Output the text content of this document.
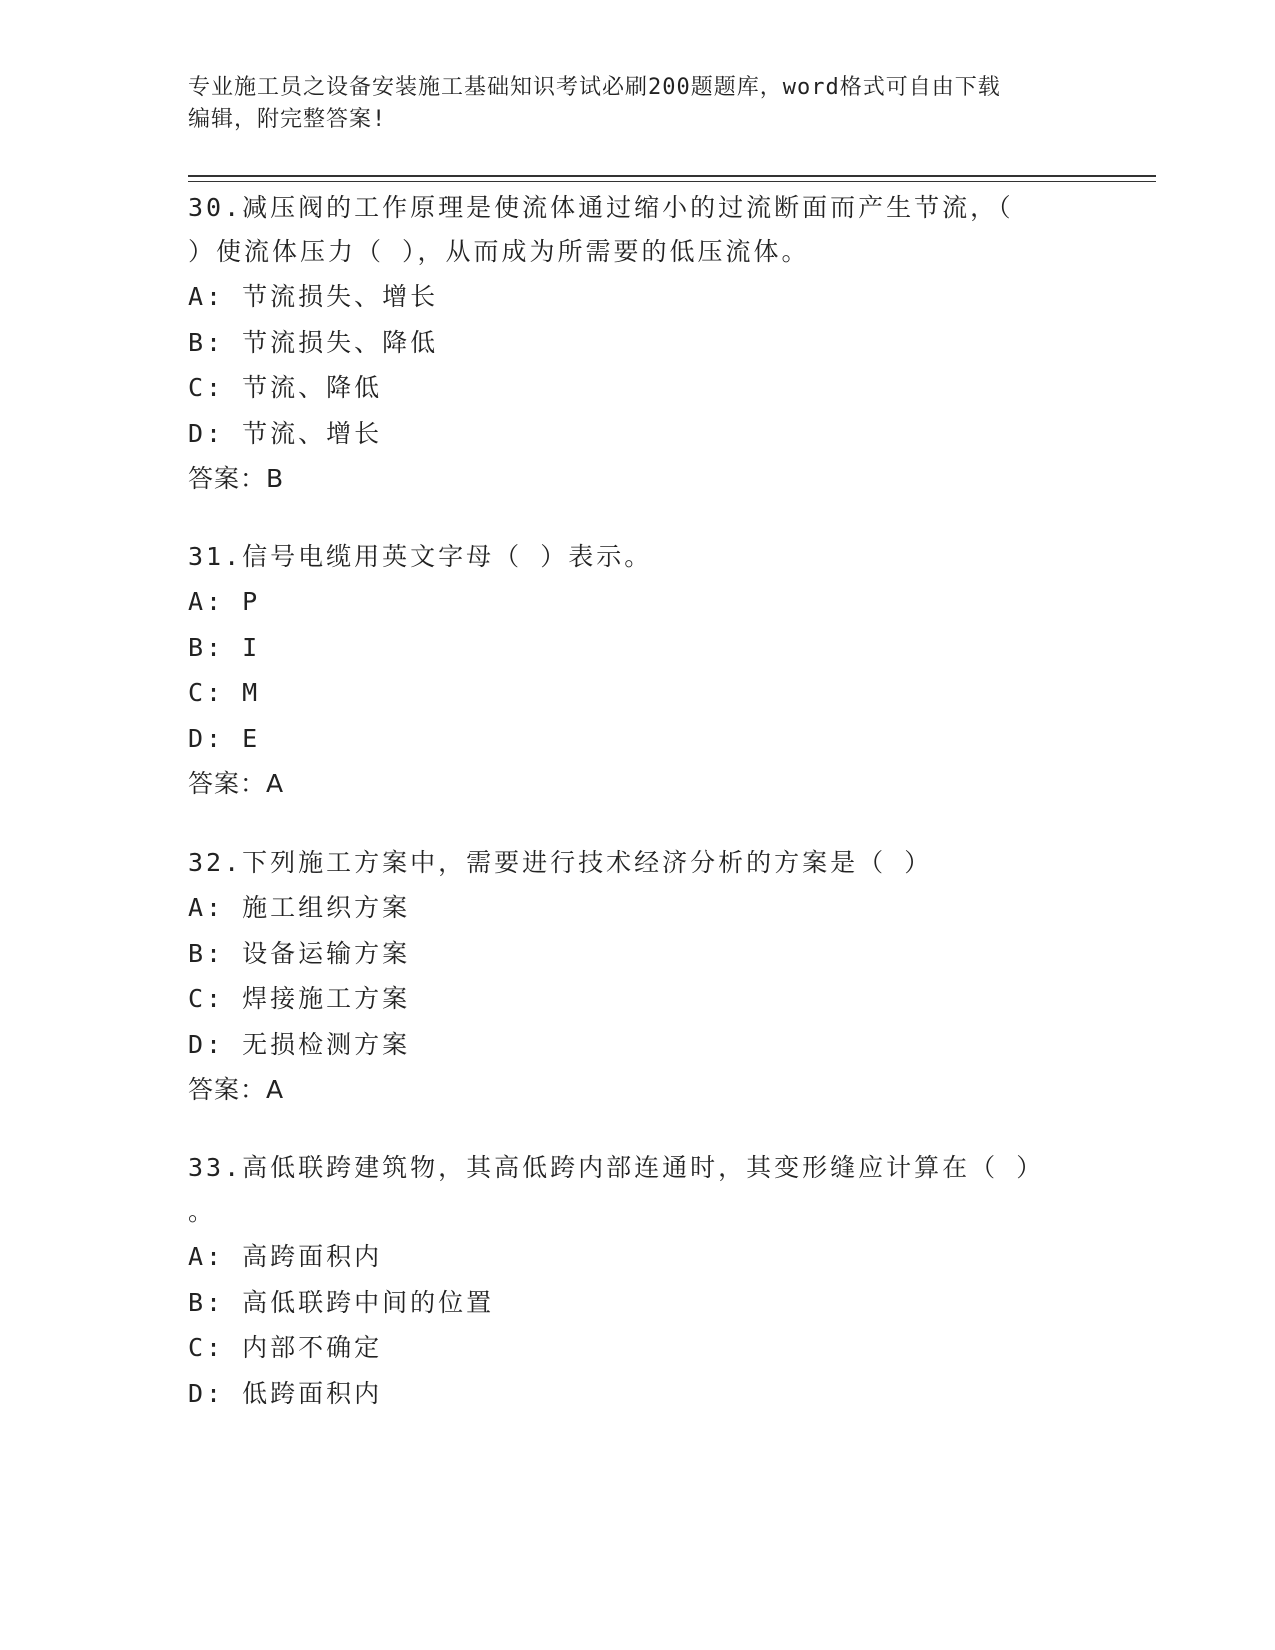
专业施工员之设备安装施工基础知识考试必刷200题题库，word格式可自由下载
编辑，附完整答案!
30.减压阀的工作原理是使流体通过缩小的过流断面而产生节流，（
）使流体压力（ ），从而成为所需要的低压流体。
A: 节流损失、增长
B: 节流损失、降低
C: 节流、降低
D: 节流、增长
答案：B
31.信号电缆用英文字母（ ）表示。
A: P
B: I
C: M
D: E
答案：A
32.下列施工方案中，需要进行技术经济分析的方案是（ ）
A: 施工组织方案
B: 设备运输方案
C: 焊接施工方案
D: 无损检测方案
答案：A
33.高低联跨建筑物，其高低跨内部连通时，其变形缝应计算在（ ）
。
A: 高跨面积内
B: 高低联跨中间的位置
C: 内部不确定
D: 低跨面积内
